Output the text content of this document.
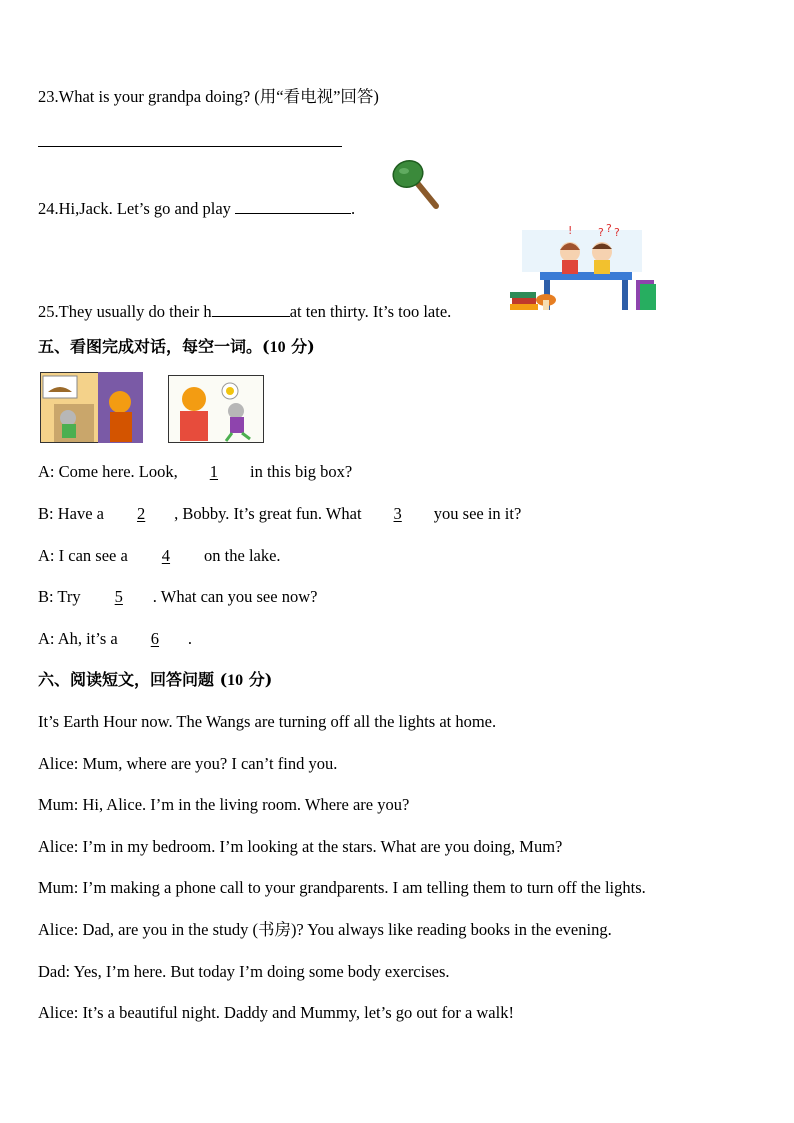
23.What is your grandpa doing? (用“看电视”回答)
24.Hi,Jack. Let’s go and play	.
? ? ?
!
25.They usually do their h	at ten thirty. It’s too late.
五、看图完成对话，每空一词。(10 分)
A: Come here. Look, 1 in this big box?
B: Have a 2 , Bobby. It’s great fun. What 3 you see in it?
A: I can see a 4 on the lake.
B: Try 5 . What can you see now?
A: Ah, it’s a 6 .
六、阅读短文，回答问题 (10 分)
It’s Earth Hour now. The Wangs are turning off all the lights at home.
Alice: Mum, where are you? I can’t find you.
Mum: Hi, Alice. I’m in the living room. Where are you?
Alice: I’m in my bedroom. I’m looking at the stars. What are you doing, Mum?
Mum: I’m making a phone call to your grandparents. I am telling them to turn off the lights.
Alice: Dad, are you in the study (书房)? You always like reading books in the evening.
Dad: Yes, I’m here. But today I’m doing some body exercises.
Alice: It’s a beautiful night. Daddy and Mummy, let’s go out for a walk!
